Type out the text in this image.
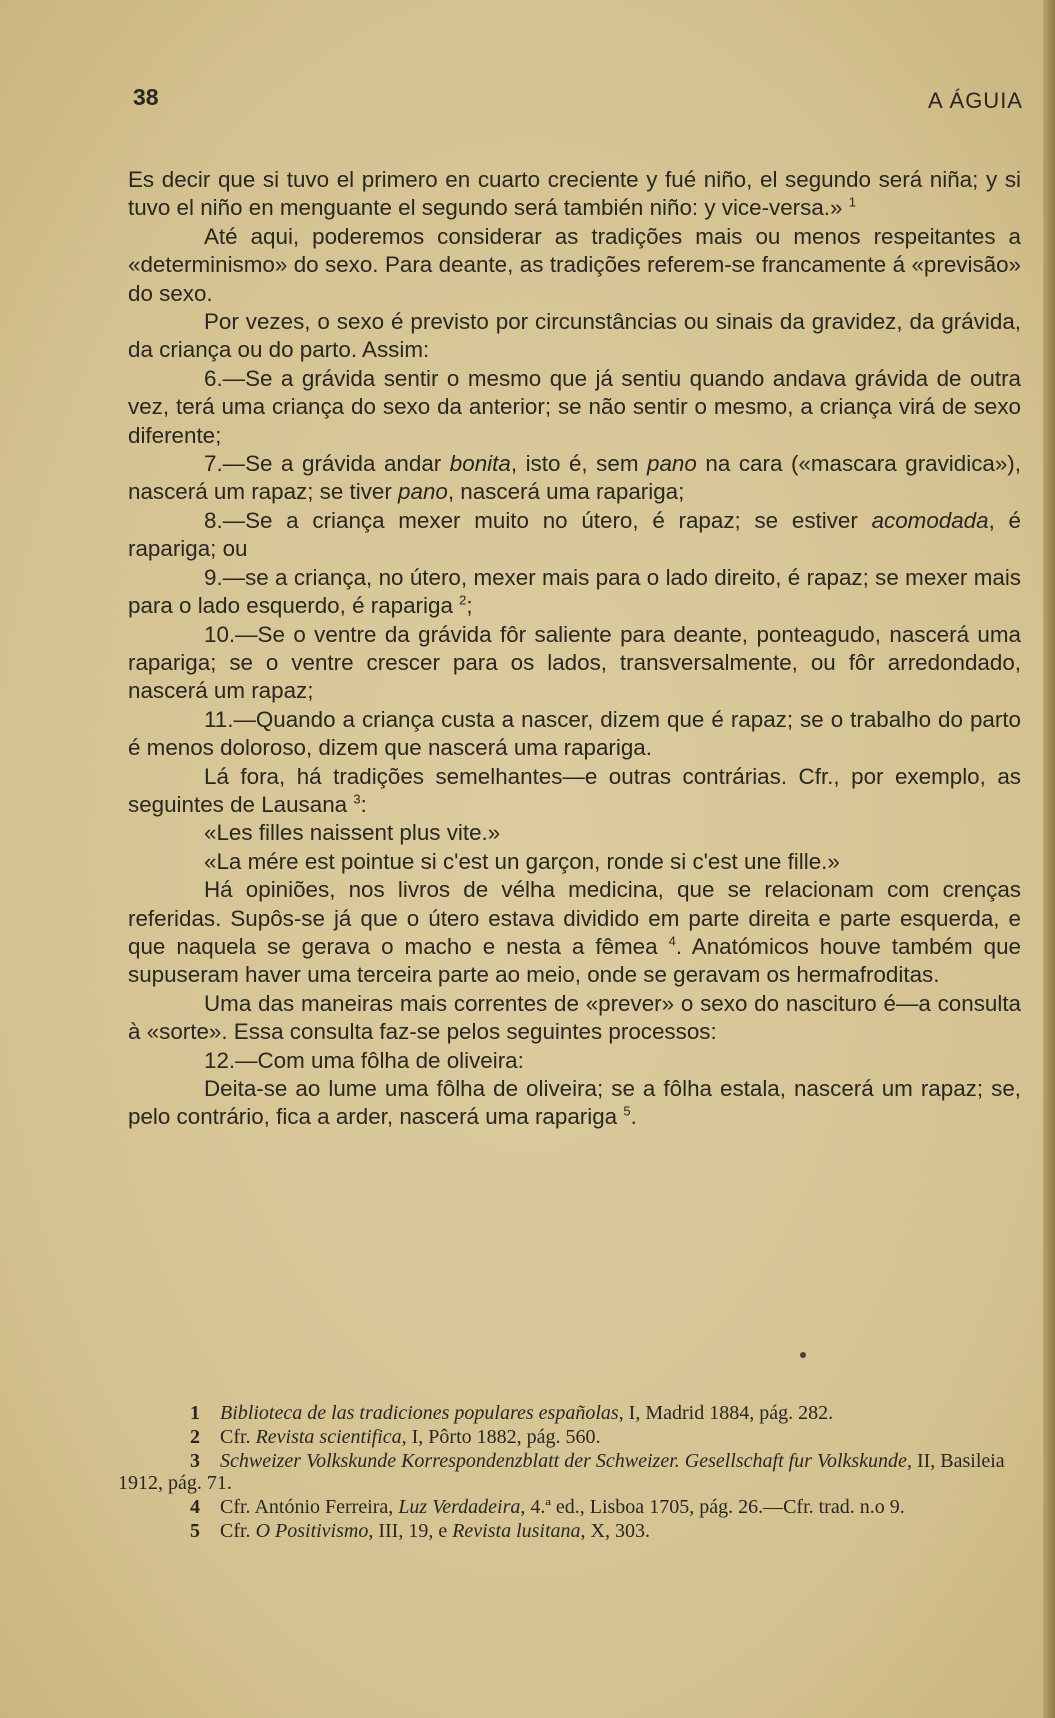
38	A ÁGUIA

Es decir que si tuvo el primero en cuarto creciente y fué niño, el segundo será niña; y si tuvo el niño en menguante el segundo será también niño: y vice-versa.» $^1$

Até aqui, poderemos considerar as tradições mais ou menos respeitantes a «determinismo» do sexo. Para deante, as tradições referem-se francamente á «previsão» do sexo.

Por vezes, o sexo é previsto por circunstâncias ou sinais da gravidez, da grávida, da criança ou do parto. Assim:

6.—Se a grávida sentir o mesmo que já sentiu quando andava grávida de outra vez, terá uma criança do sexo da anterior; se não sentir o mesmo, a criança virá de sexo diferente;

7.—Se a grávida andar bonita, isto é, sem pano na cara («mascara gravidica»), nascerá um rapaz; se tiver pano, nascerá uma rapariga;

8.—Se a criança mexer muito no útero, é rapaz; se estiver acomodada, é rapariga; ou

9.—se a criança, no útero, mexer mais para o lado direito, é rapaz; se mexer mais para o lado esquerdo, é rapariga $^2$;

10.—Se o ventre da grávida fôr saliente para deante, ponteagudo, nascerá uma rapariga; se o ventre crescer para os lados, transversalmente, ou fôr arredondado, nascerá um rapaz;

11.—Quando a criança custa a nascer, dizem que é rapaz; se o trabalho do parto é menos doloroso, dizem que nascerá uma rapariga.

Lá fora, há tradições semelhantes—e outras contrárias. Cfr., por exemplo, as seguintes de Lausana $^3$:

«Les filles naissent plus vite.»

«La mére est pointue si c'est un garçon, ronde si c'est une fille.»

Há opiniões, nos livros de vélha medicina, que se relacionam com crenças referidas. Supôs-se já que o útero estava dividido em parte direita e parte esquerda, e que naquela se gerava o macho e nesta a fêmea $^4$. Anatómicos houve também que supuseram haver uma terceira parte ao meio, onde se geravam os hermafroditas.

Uma das maneiras mais correntes de «prever» o sexo do nascituro é—a consulta à «sorte». Essa consulta faz-se pelos seguintes processos:

12.—Com uma fôlha de oliveira:

Deita-se ao lume uma fôlha de oliveira; se a fôlha estala, nascerá um rapaz; se, pelo contrário, fica a arder, nascerá uma rapariga $^5$.

1 Biblioteca de las tradiciones populares españolas, I, Madrid 1884, pág. 282.

2 Cfr. Revista scientifica, I, Pôrto 1882, pág. 560.

3 Schweizer Volkskunde Korrespondenzblatt der Schweizer. Gesellschaft fur Volkskunde, II, Basileia 1912, pág. 71.

4 Cfr. António Ferreira, Luz Verdadeira, 4.ª ed., Lisboa 1705, pág. 26.—Cfr. trad. n.o 9.

5 Cfr. O Positivismo, III, 19, e Revista lusitana, X, 303.
